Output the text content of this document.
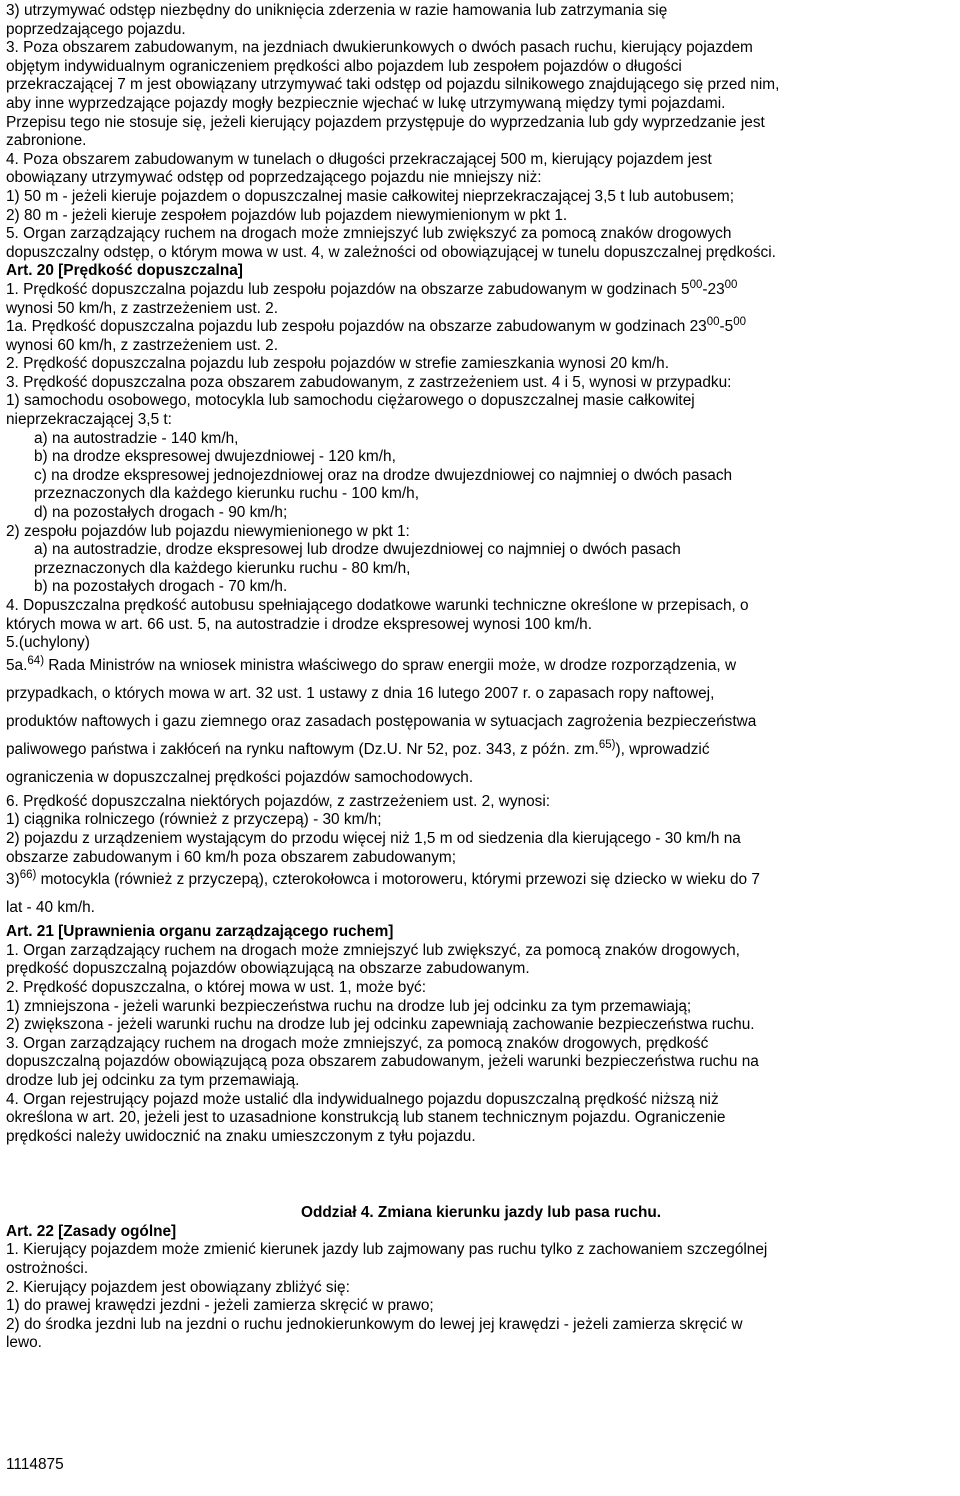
3) utrzymywać odstęp niezbędny do uniknięcia zderzenia w razie hamowania lub zatrzymania się
poprzedzającego pojazdu.
3. Poza obszarem zabudowanym, na jezdniach dwukierunkowych o dwóch pasach ruchu, kierujący pojazdem
objętym indywidualnym ograniczeniem prędkości albo pojazdem lub zespołem pojazdów o długości
przekraczającej 7 m jest obowiązany utrzymywać taki odstęp od pojazdu silnikowego znajdującego się przed nim,
aby inne wyprzedzające pojazdy mogły bezpiecznie wjechać w lukę utrzymywaną między tymi pojazdami.
Przepisu tego nie stosuje się, jeżeli kierujący pojazdem przystępuje do wyprzedzania lub gdy wyprzedzanie jest
zabronione.
4. Poza obszarem zabudowanym w tunelach o długości przekraczającej 500 m, kierujący pojazdem jest
obowiązany utrzymywać odstęp od poprzedzającego pojazdu nie mniejszy niż:
1) 50 m - jeżeli kieruje pojazdem o dopuszczalnej masie całkowitej nieprzekraczającej 3,5 t lub autobusem;
2) 80 m - jeżeli kieruje zespołem pojazdów lub pojazdem niewymienionym w pkt 1.
5. Organ zarządzający ruchem na drogach może zmniejszyć lub zwiększyć za pomocą znaków drogowych
dopuszczalny odstęp, o którym mowa w ust. 4, w zależności od obowiązującej w tunelu dopuszczalnej prędkości.
Art. 20 [Prędkość dopuszczalna]
1. Prędkość dopuszczalna pojazdu lub zespołu pojazdów na obszarze zabudowanym w godzinach $5^{00}-23^{00}$
wynosi 50 km/h, z zastrzeżeniem ust. 2.
1a. Prędkość dopuszczalna pojazdu lub zespołu pojazdów na obszarze zabudowanym w godzinach $23^{00}-5^{00}$
wynosi 60 km/h, z zastrzeżeniem ust. 2.
2. Prędkość dopuszczalna pojazdu lub zespołu pojazdów w strefie zamieszkania wynosi 20 km/h.
3. Prędkość dopuszczalna poza obszarem zabudowanym, z zastrzeżeniem ust. 4 i 5, wynosi w przypadku:
1) samochodu osobowego, motocykla lub samochodu ciężarowego o dopuszczalnej masie całkowitej
nieprzekraczającej 3,5 t:
a) na autostradzie - 140 km/h,
b) na drodze ekspresowej dwujezdniowej - 120 km/h,
c) na drodze ekspresowej jednojezdniowej oraz na drodze dwujezdniowej co najmniej o dwóch pasach
przeznaczonych dla każdego kierunku ruchu - 100 km/h,
d) na pozostałych drogach - 90 km/h;
2) zespołu pojazdów lub pojazdu niewymienionego w pkt 1:
a) na autostradzie, drodze ekspresowej lub drodze dwujezdniowej co najmniej o dwóch pasach
przeznaczonych dla każdego kierunku ruchu - 80 km/h,
b) na pozostałych drogach - 70 km/h.
4. Dopuszczalna prędkość autobusu spełniającego dodatkowe warunki techniczne określone w przepisach, o
których mowa w art. 66 ust. 5, na autostradzie i drodze ekspresowej wynosi 100 km/h.
5.(uchylony)
5a.$^{64)}$ Rada Ministrów na wniosek ministra właściwego do spraw energii może, w drodze rozporządzenia, w
przypadkach, o których mowa w art. 32 ust. 1 ustawy z dnia 16 lutego 2007 r. o zapasach ropy naftowej,
produktów naftowych i gazu ziemnego oraz zasadach postępowania w sytuacjach zagrożenia bezpieczeństwa
paliwowego państwa i zakłóceń na rynku naftowym (Dz.U. Nr 52, poz. 343, z późn. zm.$^{65)}$), wprowadzić
ograniczenia w dopuszczalnej prędkości pojazdów samochodowych.
6. Prędkość dopuszczalna niektórych pojazdów, z zastrzeżeniem ust. 2, wynosi:
1) ciągnika rolniczego (również z przyczepą) - 30 km/h;
2) pojazdu z urządzeniem wystającym do przodu więcej niż 1,5 m od siedzenia dla kierującego - 30 km/h na
obszarze zabudowanym i 60 km/h poza obszarem zabudowanym;
3)$^{66)}$ motocykla (również z przyczepą), czterokołowca i motoroweru, którymi przewozi się dziecko w wieku do 7
lat - 40 km/h.
Art. 21 [Uprawnienia organu zarządzającego ruchem]
1. Organ zarządzający ruchem na drogach może zmniejszyć lub zwiększyć, za pomocą znaków drogowych,
prędkość dopuszczalną pojazdów obowiązującą na obszarze zabudowanym.
2. Prędkość dopuszczalna, o której mowa w ust. 1, może być:
1) zmniejszona - jeżeli warunki bezpieczeństwa ruchu na drodze lub jej odcinku za tym przemawiają;
2) zwiększona - jeżeli warunki ruchu na drodze lub jej odcinku zapewniają zachowanie bezpieczeństwa ruchu.
3. Organ zarządzający ruchem na drogach może zmniejszyć, za pomocą znaków drogowych, prędkość
dopuszczalną pojazdów obowiązującą poza obszarem zabudowanym, jeżeli warunki bezpieczeństwa ruchu na
drodze lub jej odcinku za tym przemawiają.
4. Organ rejestrujący pojazd może ustalić dla indywidualnego pojazdu dopuszczalną prędkość niższą niż
określona w art. 20, jeżeli jest to uzasadnione konstrukcją lub stanem technicznym pojazdu. Ograniczenie
prędkości należy uwidocznić na znaku umieszczonym z tyłu pojazdu.
Oddział 4. Zmiana kierunku jazdy lub pasa ruchu.
Art. 22 [Zasady ogólne]
1. Kierujący pojazdem może zmienić kierunek jazdy lub zajmowany pas ruchu tylko z zachowaniem szczególnej
ostrożności.
2. Kierujący pojazdem jest obowiązany zbliżyć się:
1) do prawej krawędzi jezdni - jeżeli zamierza skręcić w prawo;
2) do środka jezdni lub na jezdni o ruchu jednokierunkowym do lewej jej krawędzi - jeżeli zamierza skręcić w
lewo.
1114875
